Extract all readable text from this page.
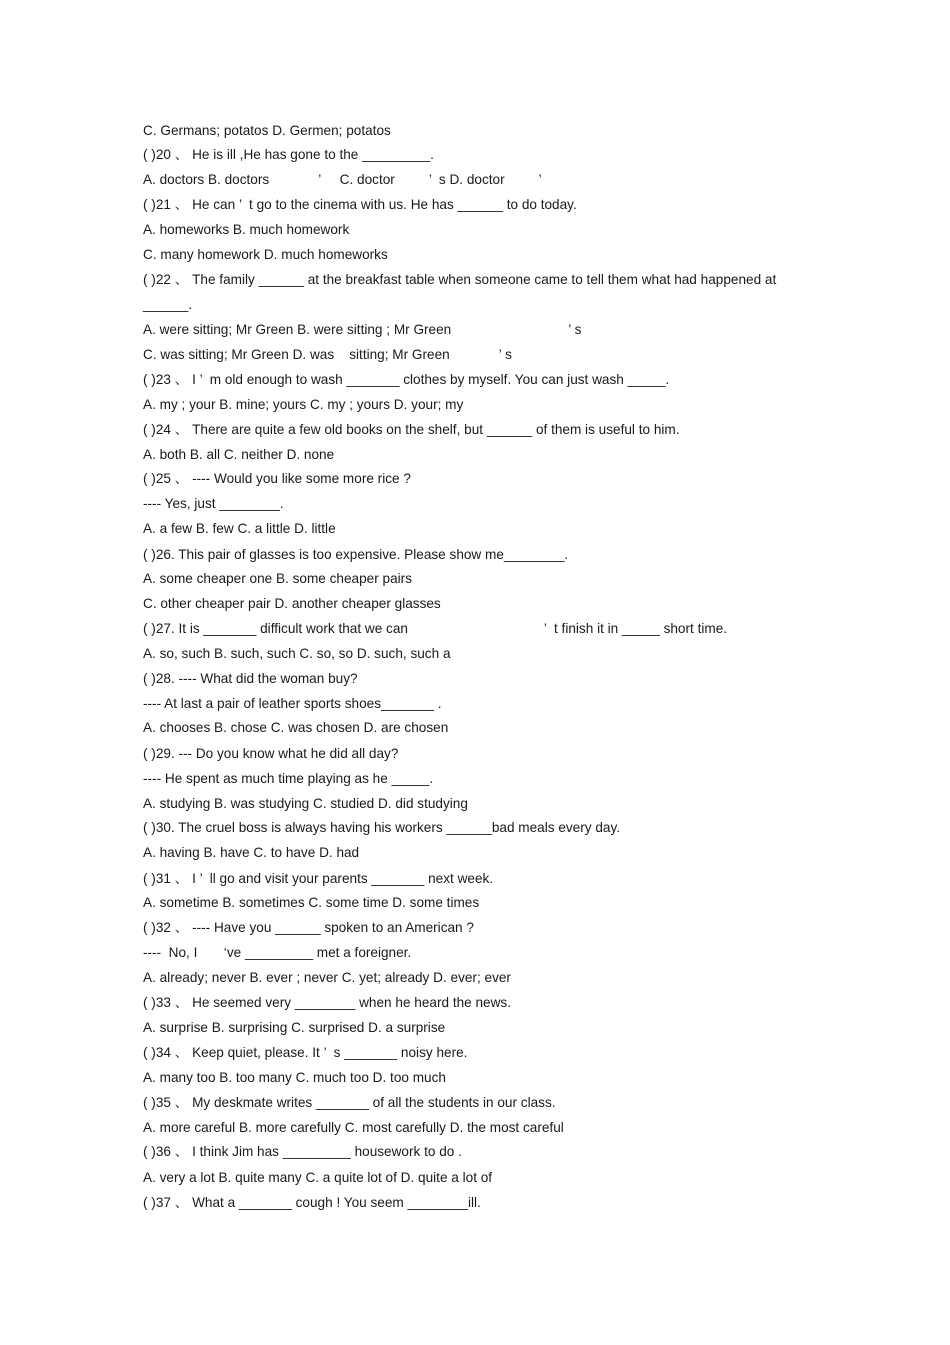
C. Germans; potatos D. Germen; potatos
( )20 、 He is ill ,He has gone to the _________.
A. doctors B. doctors             ’     C. doctor         ’  s D. doctor         ’
( )21 、 He can ’  t go to the cinema with us. He has ______ to do today.
A. homeworks B. much homework
C. many homework D. much homeworks
( )22 、 The family ______ at the breakfast table when someone came to tell them what had happened at
______.
A. were sitting; Mr Green B. were sitting ; Mr Green                               ’ s
C. was sitting; Mr Green D. was    sitting; Mr Green             ’ s
( )23 、 I ’  m old enough to wash _______ clothes by myself. You can just wash _____.
A. my ; your B. mine; yours C. my ; yours D. your; my
( )24 、 There are quite a few old books on the shelf, but ______ of them is useful to him.
A. both B. all C. neither D. none
( )25 、 ---- Would you like some more rice ?
---- Yes, just ________.
A. a few B. few C. a little D. little
( )26. This pair of glasses is too expensive. Please show me________.
A. some cheaper one B. some cheaper pairs
C. other cheaper pair D. another cheaper glasses
( )27. It is _______ difficult work that we can                                    ’  t finish it in _____ short time.
A. so, such B. such, such C. so, so D. such, such a
( )28. ---- What did the woman buy?
---- At last a pair of leather sports shoes_______ .
A. chooses B. chose C. was chosen D. are chosen
( )29. --- Do you know what he did all day?
---- He spent as much time playing as he _____.
A. studying B. was studying C. studied D. did studying
( )30. The cruel boss is always having his workers ______bad meals every day.
A. having B. have C. to have D. had
( )31 、 I ’  ll go and visit your parents _______ next week.
A. sometime B. sometimes C. some time D. some times
( )32 、 ---- Have you ______ spoken to an American ?
----  No, I       ‘ve _________ met a foreigner.
A. already; never B. ever ; never C. yet; already D. ever; ever
( )33 、 He seemed very ________ when he heard the news.
A. surprise B. surprising C. surprised D. a surprise
( )34 、 Keep quiet, please. It ’  s _______ noisy here.
A. many too B. too many C. much too D. too much
( )35 、 My deskmate writes _______ of all the students in our class.
A. more careful B. more carefully C. most carefully D. the most careful
( )36 、 I think Jim has _________ housework to do .
A. very a lot B. quite many C. a quite lot of D. quite a lot of
( )37 、 What a _______ cough ! You seem ________ill.
